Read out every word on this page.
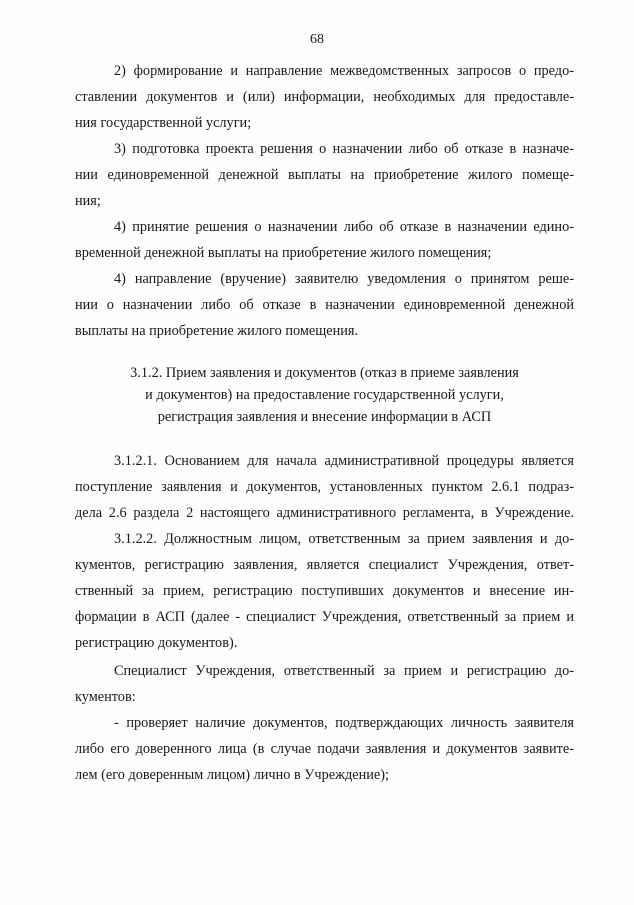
68
2) формирование и направление межведомственных запросов о предо-
ставлении документов и (или) информации, необходимых для предоставле-
ния государственной услуги;
3) подготовка проекта решения о назначении либо об отказе в назначе-
нии единовременной денежной выплаты на приобретение жилого помеще-
ния;
4) принятие решения о назначении либо об отказе в назначении едино-
временной денежной выплаты на приобретение жилого помещения;
4) направление (вручение) заявителю уведомления о принятом реше-
нии о назначении либо об отказе в назначении единовременной денежной
выплаты на приобретение жилого помещения.
3.1.2. Прием заявления и документов (отказ в приеме заявления
и документов) на предоставление государственной услуги,
регистрация заявления и внесение информации в АСП
3.1.2.1. Основанием для начала административной процедуры является
поступление заявления и документов, установленных пунктом 2.6.1 подраз-
дела 2.6 раздела 2 настоящего административного регламента, в Учреждение.
3.1.2.2. Должностным лицом, ответственным за прием заявления и до-
кументов, регистрацию заявления, является специалист Учреждения, ответ-
ственный за прием, регистрацию поступивших документов и внесение ин-
формации в АСП (далее - специалист Учреждения, ответственный за прием и
регистрацию документов).
Специалист Учреждения, ответственный за прием и регистрацию до-
кументов:
- проверяет наличие документов, подтверждающих личность заявителя
либо его доверенного лица (в случае подачи заявления и документов заявите-
лем (его доверенным лицом) лично в Учреждение);
